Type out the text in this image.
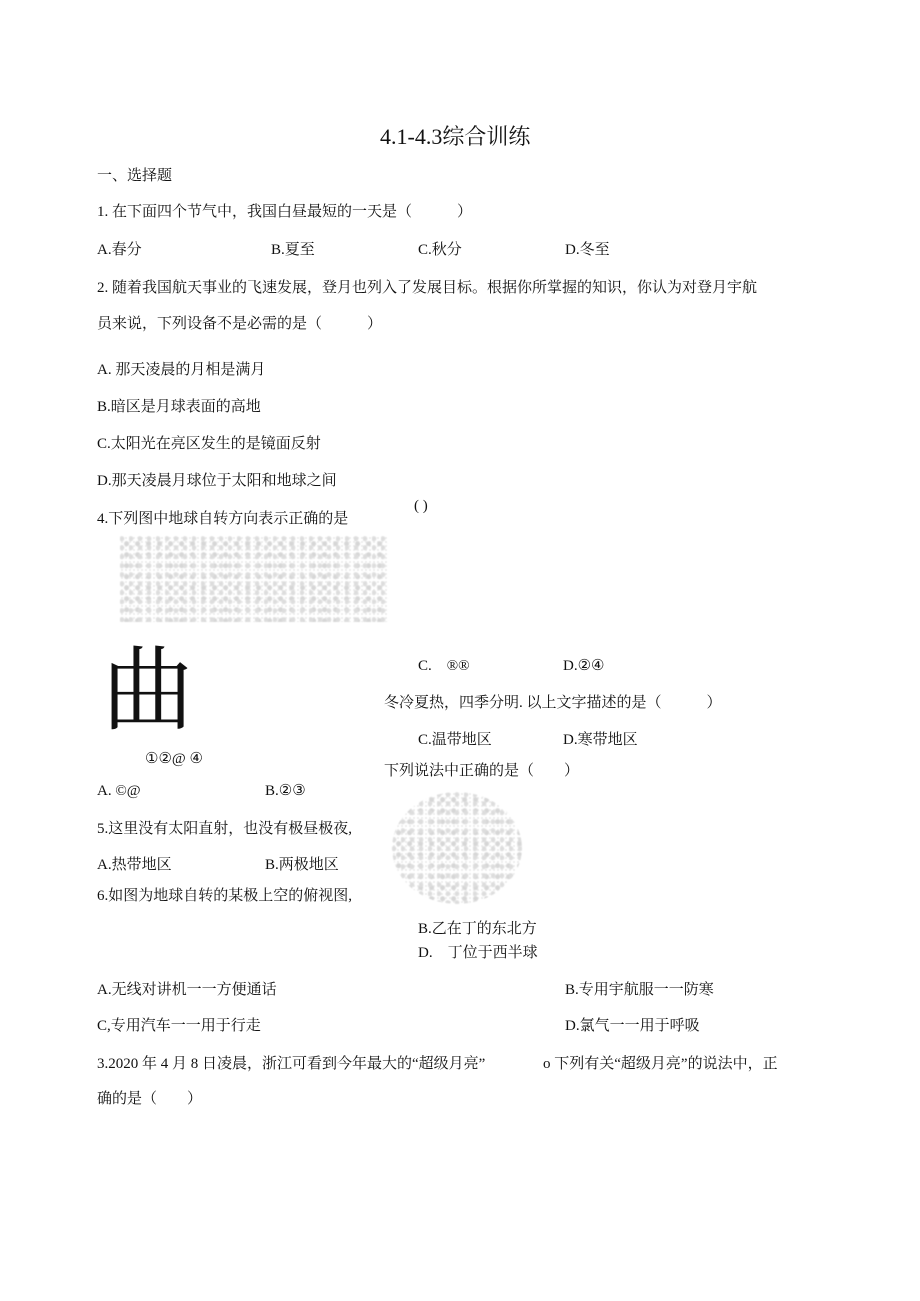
4.1-4.3综合训练
一、选择题
1. 在下面四个节气中，我国白昼最短的一天是（　　　）
A.春分	B.夏至	C.秋分	D.冬至
2. 随着我国航天事业的飞速发展，登月也列入了发展目标。根据你所掌握的知识，你认为对登月宇航
员来说，下列设备不是必需的是（　　　）
A. 那天凌晨的月相是满月
B.暗区是月球表面的高地
C.太阳光在亮区发生的是镜面反射
D.那天凌晨月球位于太阳和地球之间
4.下列图中地球自转方向表示正确的是
( )
曲
①②@ ④
A. ©@	B.②③
C.　®®	D.②④
冬冷夏热，四季分明. 以上文字描述的是（　　　）
C.温带地区	D.寒带地区
5.这里没有太阳直射，也没有极昼极夜,
A.热带地区	B.两极地区
下列说法中正确的是（　　）
6.如图为地球自转的某极上空的俯视图,
B.乙在丁的东北方
D.　丁位于西半球
A.无线对讲机一一方便通话	B.专用宇航服一一防寒
C,专用汽车一一用于行走	D.氯气一一用于呼吸
3.2020 年 4 月 8 日凌晨，浙江可看到今年最大的“超级月亮”	o 下列有关“超级月亮”的说法中，正
确的是（　　）
